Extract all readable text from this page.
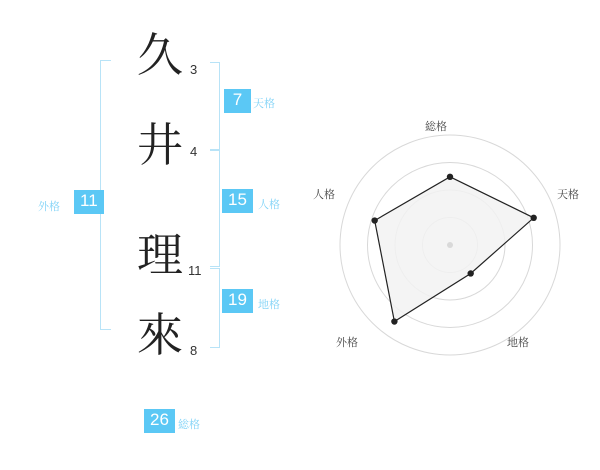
久
井
理
來
3
4
11
8
7 天格
15	人格
19	地格
外格	11
26 総格
総格
天格
地格
外格
人格
